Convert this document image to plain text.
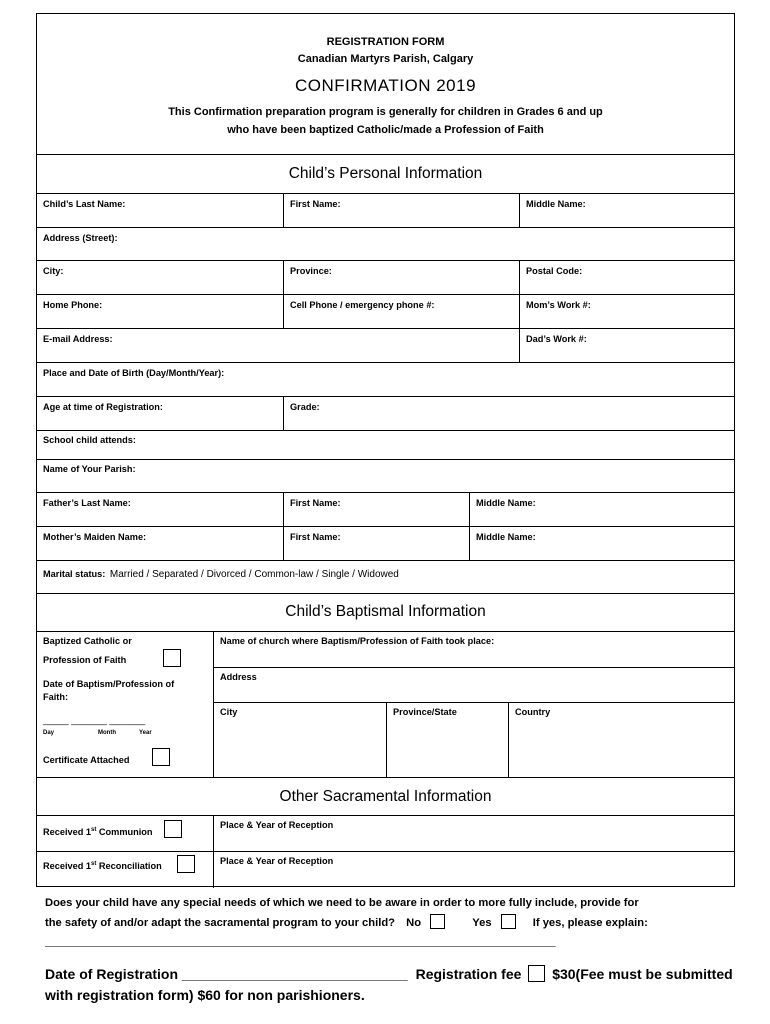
REGISTRATION FORM
Canadian Martyrs Parish, Calgary
CONFIRMATION 2019
This Confirmation preparation program is generally for children in Grades 6 and up
who have been baptized Catholic/made a Profession of Faith
Child’s Personal Information
Child’s Last Name:	First Name:	Middle Name:
Address (Street):
City:	Province:	Postal Code:
Home Phone:	Cell Phone / emergency phone #:	Mom’s Work #:
E-mail Address:	Dad’s Work #:
Place and Date of Birth (Day/Month/Year):
Age at time of Registration:	Grade:
School child attends:
Name of Your Parish:
Father’s Last Name:	First Name:	Middle Name:
Mother’s Maiden Name:	First Name:	Middle Name:
Marital status: Married / Separated / Divorced / Common-law / Single / Widowed
Child’s Baptismal Information
Baptized Catholic or
Profession of Faith
Date of Baptism/Profession of
Faith:
_____ _______ _______
Day	Month	Year
Certificate Attached
Name of church where Baptism/Profession of Faith took place:
Address
City	Province/State	Country
Other Sacramental Information
Received 1st Communion
Place & Year of Reception
Received 1st Reconciliation
Place & Year of Reception
Does your child have any special needs of which we need to be aware in order to more fully include, provide for
the safety of and/or adapt the sacramental program to your child? No	Yes	If yes, please explain:
____________________________________________________________________________________________________________
Date of Registration _____________________________ Registration fee $30(Fee must be submitted
with registration form) $60 for non parishioners.
